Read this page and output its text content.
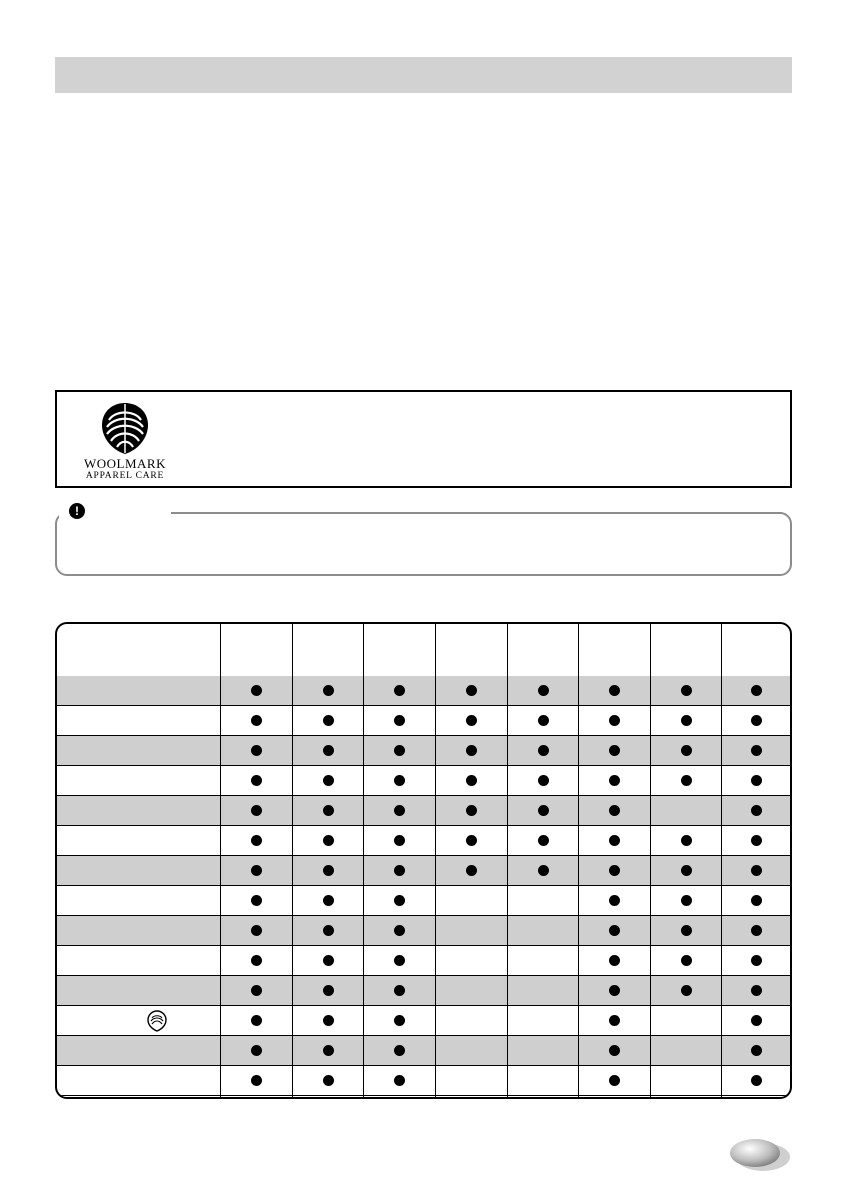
WOOLMARK
APPAREL CARE
!
